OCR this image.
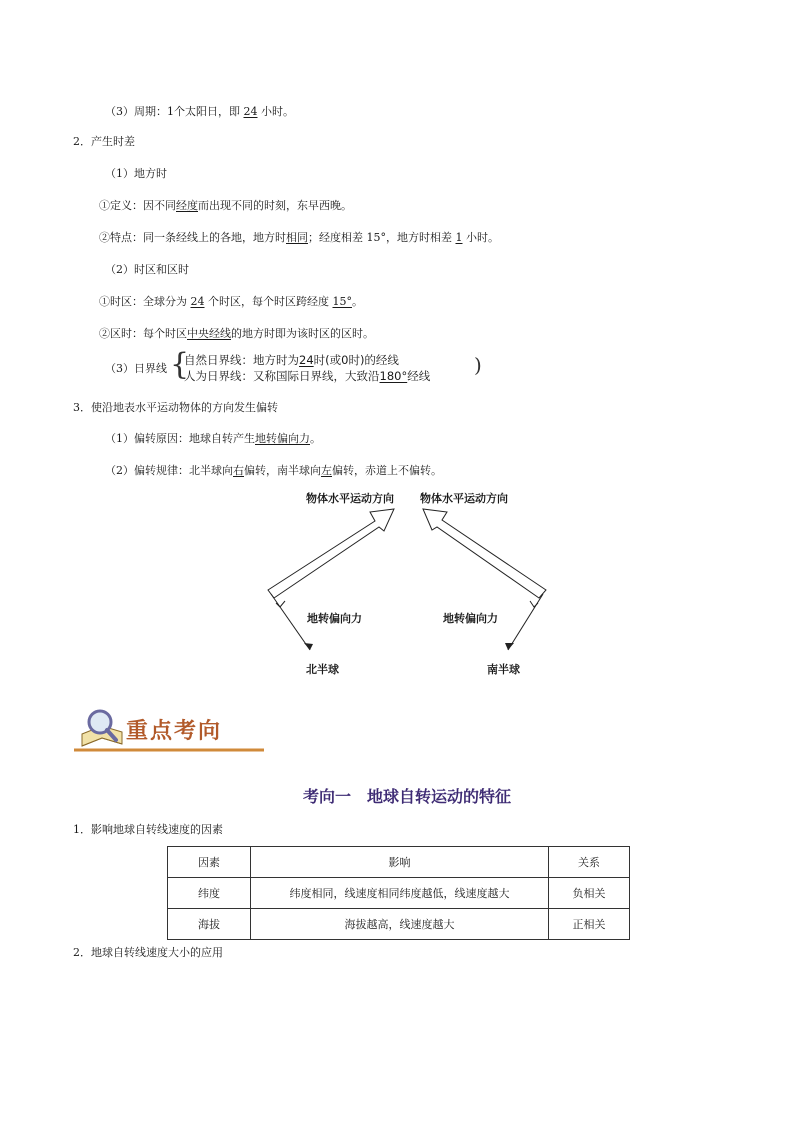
（3）周期：1个太阳日，即 24 小时。
2．产生时差
（1）地方时
①定义：因不同经度而出现不同的时刻，东早西晚。
②特点：同一条经线上的各地，地方时相同；经度相差 15°，地方时相差 1 小时。
（2）时区和区时
①时区：全球分为 24 个时区，每个时区跨经度 15°。
②区时：每个时区中央经线的地方时即为该时区的区时。
（3）日界线 {
自然日界线：地方时为24时(或0时)的经线
人为日界线：又称国际日界线，大致沿180°经线 )
3．使沿地表水平运动物体的方向发生偏转
（1）偏转原因：地球自转产生地转偏向力。
（2）偏转规律：北半球向右偏转，南半球向左偏转，赤道上不偏转。
物体水平运动方向 物体水平运动方向
地转偏向力	地转偏向力
北半球	南半球
重点考向
考向一　地球自转运动的特征
1．影响地球自转线速度的因素
因素	影响	关系
纬度	纬度相同，线速度相同纬度越低，线速度越大	负相关
海拔	海拔越高，线速度越大	正相关
2．地球自转线速度大小的应用
